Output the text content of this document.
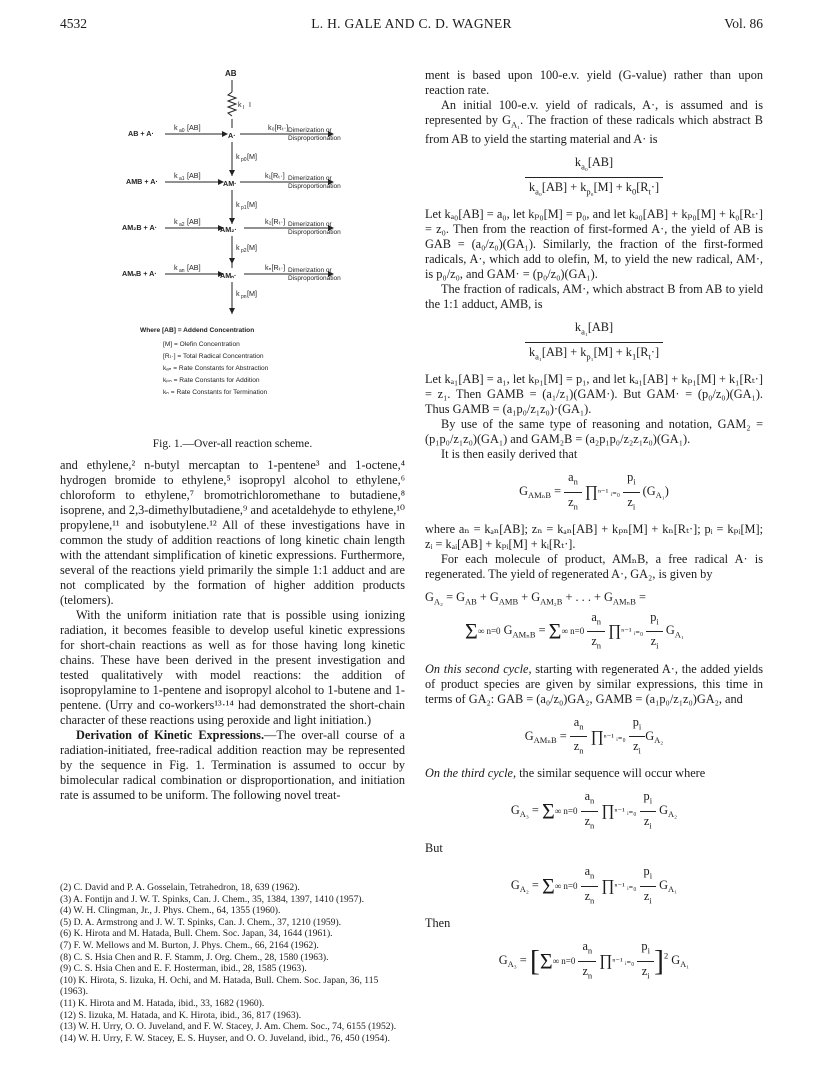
4532	L. H. GALE AND C. D. WAGNER	Vol. 86
AB
k I I
AB + A·
k a0 [AB]
A·
k₀[Rₜ·] Dimerization or
Disproportionation
k p0 [M]
AMB + A·
k a1 [AB]
AM·
k₁[Rₜ·] Dimerization or
Disproportionation
k p1 [M]
AM₂B + A·
k a2 [AB]
AM₂·
k₂[Rₜ·] Dimerization or
Disproportionation
k p2 [M]
AMₙB + A·
k an [AB]
AMₙ·
kₙ[Rₜ·] Dimerization or
Disproportionation
k pn [M]
Where [AB] = Addend Concentration
[M] = Olefin Concentration
[Rₜ·] = Total Radical Concentration
kₐₙ = Rate Constants for Abstraction
kₚₙ = Rate Constants for Addition
kₙ = Rate Constants for Termination
Fig. 1.—Over-all reaction scheme.

and ethylene,² n-butyl mercaptan to 1-pentene³ and 1-octene,⁴ hydrogen bromide to ethylene,⁵ isopropyl alcohol to ethylene,⁶ chloroform to ethylene,⁷ bromotrichloromethane to butadiene,⁸ isoprene, and 2,3-dimethylbutadiene,⁹ and acetaldehyde to ethylene,¹⁰ propylene,¹¹ and isobutylene.¹² All of these investigations have in common the study of addition reactions of long kinetic chain length with the attendant simplification of kinetic expressions. Furthermore, several of the reactions yield primarily the simple 1:1 adduct and are not complicated by the formation of higher addition products (telomers).

With the uniform initiation rate that is possible using ionizing radiation, it becomes feasible to develop useful kinetic expressions for short-chain reactions as well as for those having long kinetic chains. These have been derived in the present investigation and tested qualitatively with model reactions: the addition of isopropylamine to 1-pentene and isopropyl alcohol to 1-butene and 1-pentene. (Urry and co-workers¹³·¹⁴ had demonstrated the short-chain character of these reactions using peroxide and light initiation.)

Derivation of Kinetic Expressions.—The over-all course of a radiation-initiated, free-radical addition reaction may be represented by the sequence in Fig. 1. Termination is assumed to occur by bimolecular radical combination or disproportionation, and initiation rate is assumed to be uniform. The following novel treat-

(2) C. David and P. A. Gosselain, Tetrahedron, 18, 639 (1962).
(3) A. Fontijn and J. W. T. Spinks, Can. J. Chem., 35, 1384, 1397, 1410 (1957).
(4) W. H. Clingman, Jr., J. Phys. Chem., 64, 1355 (1960).
(5) D. A. Armstrong and J. W. T. Spinks, Can. J. Chem., 37, 1210 (1959).
(6) K. Hirota and M. Hatada, Bull. Chem. Soc. Japan, 34, 1644 (1961).
(7) F. W. Mellows and M. Burton, J. Phys. Chem., 66, 2164 (1962).
(8) C. S. Hsia Chen and R. F. Stamm, J. Org. Chem., 28, 1580 (1963).
(9) C. S. Hsia Chen and E. F. Hosterman, ibid., 28, 1585 (1963).
(10) K. Hirota, S. Iizuka, H. Ochi, and M. Hatada, Bull. Chem. Soc. Japan, 36, 115 (1963).
(11) K. Hirota and M. Hatada, ibid., 33, 1682 (1960).
(12) S. Iizuka, M. Hatada, and K. Hirota, ibid., 36, 817 (1963).
(13) W. H. Urry, O. O. Juveland, and F. W. Stacey, J. Am. Chem. Soc., 74, 6155 (1952).
(14) W. H. Urry, F. W. Stacey, E. S. Huyser, and O. O. Juveland, ibid., 76, 450 (1954).

ment is based upon 100-e.v. yield (G-value) rather than upon reaction rate.

An initial 100-e.v. yield of radicals, A·, is assumed and is represented by $G_{A_1}$. The fraction of these radicals which abstract B from AB to yield the starting material and A· is

$\frac{k_{a_0}[AB]}{k_{a_0}[AB] + k_{p_0}[M] + k_0[R_t\cdot]}$

Let kₐ₀[AB] = a₀, let kₚ₀[M] = p₀, and let kₐ₀[AB] + kₚ₀[M] + k₀[Rₜ·] = z₀. Then from the reaction of first-formed A·, the yield of AB is GAB = (a₀/z₀)(GA₁). Similarly, the fraction of the first-formed radicals, A·, which add to olefin, M, to yield the new radical, AM·, is p₀/z₀, and GAM· = (p₀/z₀)(GA₁).

The fraction of radicals, AM·, which abstract B from AB to yield the 1:1 adduct, AMB, is

$\frac{k_{a_1}[AB]}{k_{a_1}[AB] + k_{p_1}[M] + k_1[R_t\cdot]}$

Let kₐ₁[AB] = a₁, let kₚ₁[M] = p₁, and let kₐ₁[AB] + kₚ₁[M] + k₁[Rₜ·] = z₁. Then GAMB = (a₁/z₁)(GAM·). But GAM· = (p₀/z₀)(GA₁). Thus GAMB = (a₁p₀/z₁z₀)·(GA₁).

By use of the same type of reasoning and notation, GAM₂ = (p₁p₀/z₁z₀)(GA₁) and GAM₂B = (a₂p₁p₀/z₂z₁z₀)(GA₁).

It is then easily derived that

$G_{AM_nB} = \frac{a_n}{z_n}$ ∏ⁿ⁻¹ ᵢ₌₀ $\frac{p_i}{z_i} (G_{A_1})$

where aₙ = kₐₙ[AB]; zₙ = kₐₙ[AB] + kₚₙ[M] + kₙ[Rₜ·]; pᵢ = kₚᵢ[M]; zᵢ = kₐᵢ[AB] + kₚᵢ[M] + kᵢ[Rₜ·].

For each molecule of product, AMₙB, a free radical A· is regenerated. The yield of regenerated A·, GA₂, is given by

$G_{A_2} = G_{AB} + G_{AMB} + G_{AM_2B}$ + . . . + $G_{AM_nB}$ =
Σ∞ n=0 $G_{AM_nB} = \Sigma\infty$ $n=0 \frac{a_n}{z_n}$ ∏ⁿ⁻¹ ᵢ₌₀ $\frac{p_i}{z_i} G_{A_1}$

On this second cycle, starting with regenerated A·, the added yields of product species are given by similar expressions, this time in terms of GA₂: GAB = (a₀/z₀)GA₂, GAMB = (a₁p₀/z₁z₀)GA₂, and

$G_{AM_nB} = \frac{a_n}{z_n}$ ∏ⁿ⁻¹ ᵢ₌₀ $\frac{p_i}{z_i} G_{A_2}$

On the third cycle, the similar sequence will occur where

$G_{A_3} = \Sigma\infty$ $n=0 \frac{a_n}{z_n}$ ∏ⁿ⁻¹ ᵢ₌₀ $\frac{p_i}{z_i} G_{A_2}$

But

$G_{A_2} = \Sigma\infty$ $n=0 \frac{a_n}{z_n}$ ∏ⁿ⁻¹ ᵢ₌₀ $\frac{p_i}{z_i} G_{A_1}$

Then

$G_{A_3} = [\Sigma\infty$ $n=0 \frac{a_n}{z_n}$ ∏ⁿ⁻¹ ᵢ₌₀ $\frac{p_i}{z_i} ]^2$ $G_{A_1}$
